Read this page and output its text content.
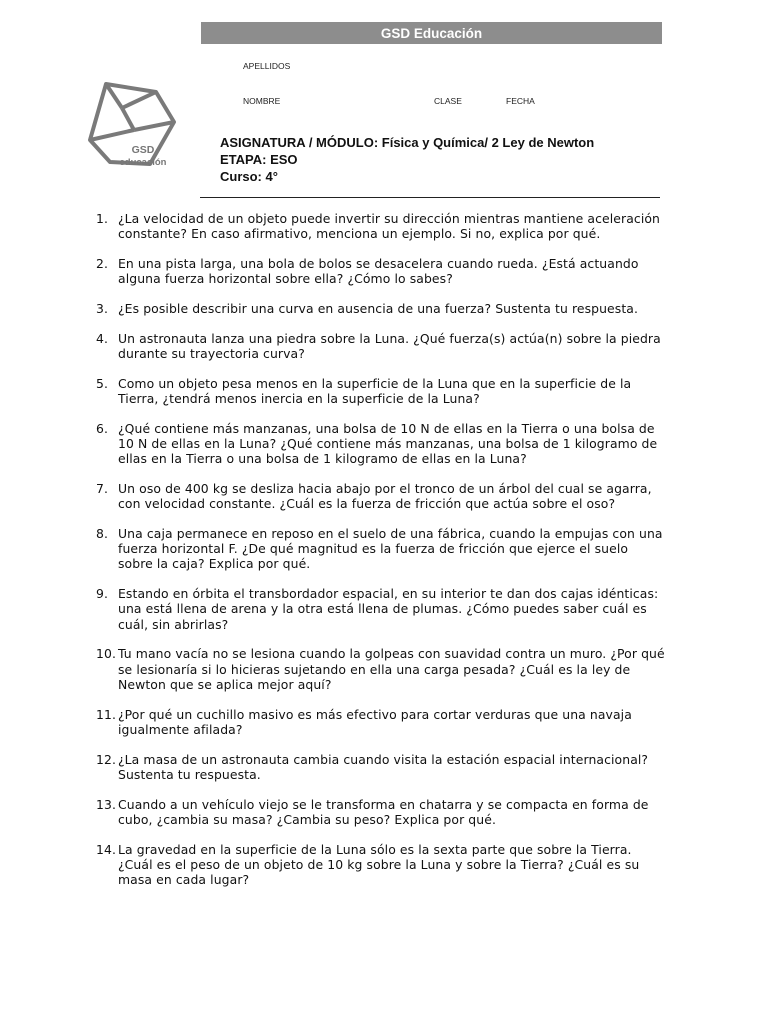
GSD Educación
GSD
educación
APELLIDOS
NOMBRE	CLASE	FECHA
ASIGNATURA / MÓDULO: Física y Química/ 2 Ley de Newton
ETAPA: ESO
Curso: 4°
1. ¿La velocidad de un objeto puede invertir su dirección mientras mantiene aceleración constante? En caso afirmativo, menciona un ejemplo. Si no, explica por qué.
2. En una pista larga, una bola de bolos se desacelera cuando rueda. ¿Está actuando alguna fuerza horizontal sobre ella? ¿Cómo lo sabes?
3. ¿Es posible describir una curva en ausencia de una fuerza? Sustenta tu respuesta.
4. Un astronauta lanza una piedra sobre la Luna. ¿Qué fuerza(s) actúa(n) sobre la piedra durante su trayectoria curva?
5. Como un objeto pesa menos en la superficie de la Luna que en la superficie de la Tierra, ¿tendrá menos inercia en la superficie de la Luna?
6. ¿Qué contiene más manzanas, una bolsa de 10 N de ellas en la Tierra o una bolsa de 10 N de ellas en la Luna? ¿Qué contiene más manzanas, una bolsa de 1 kilogramo de ellas en la Tierra o una bolsa de 1 kilogramo de ellas en la Luna?
7. Un oso de 400 kg se desliza hacia abajo por el tronco de un árbol del cual se agarra, con velocidad constante. ¿Cuál es la fuerza de fricción que actúa sobre el oso?
8. Una caja permanece en reposo en el suelo de una fábrica, cuando la empujas con una fuerza horizontal F. ¿De qué magnitud es la fuerza de fricción que ejerce el suelo sobre la caja? Explica por qué.
9. Estando en órbita el transbordador espacial, en su interior te dan dos cajas idénticas: una está llena de arena y la otra está llena de plumas. ¿Cómo puedes saber cuál es cuál, sin abrirlas?
10. Tu mano vacía no se lesiona cuando la golpeas con suavidad contra un muro. ¿Por qué se lesionaría si lo hicieras sujetando en ella una carga pesada? ¿Cuál es la ley de Newton que se aplica mejor aquí?
11. ¿Por qué un cuchillo masivo es más efectivo para cortar verduras que una navaja igualmente afilada?
12. ¿La masa de un astronauta cambia cuando visita la estación espacial internacional? Sustenta tu respuesta.
13. Cuando a un vehículo viejo se le transforma en chatarra y se compacta en forma de cubo, ¿cambia su masa? ¿Cambia su peso? Explica por qué.
14. La gravedad en la superficie de la Luna sólo es la sexta parte que sobre la Tierra. ¿Cuál es el peso de un objeto de 10 kg sobre la Luna y sobre la Tierra? ¿Cuál es su masa en cada lugar?
